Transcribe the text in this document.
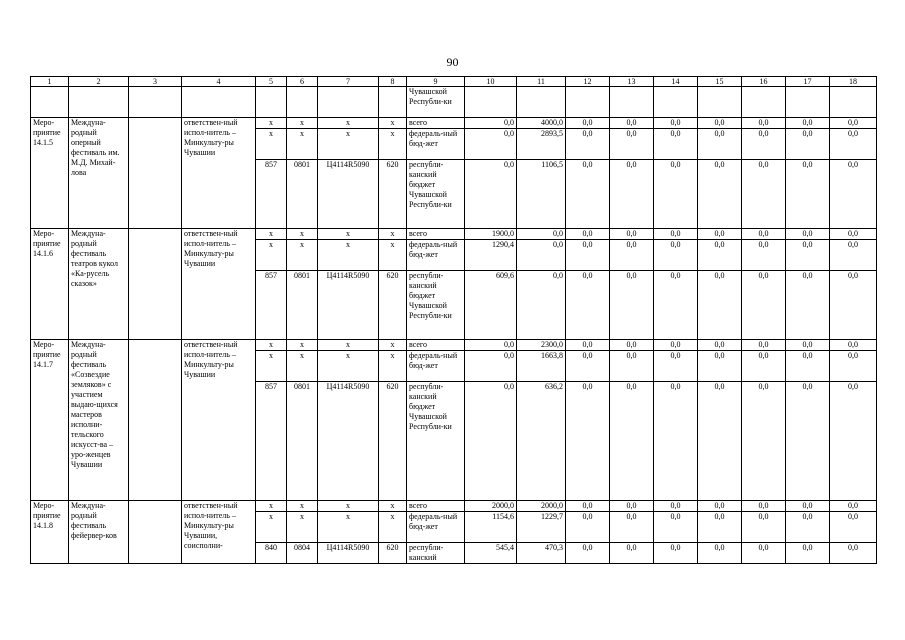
90
1	2	3	4	5	6	7	8	9	10	11	12	13	14	15	16	17	18
								Чувашской Республи-ки									
Меро-приятие 14.1.5	Междуна-родный оперный фестиваль им. М.Д. Михай-лова		ответствен-ный испол-нитель – Минкульту-ры Чувашии	x	x	x	x	всего	0,0	4000,0	0,0	0,0	0,0	0,0	0,0	0,0	0,0
				x	x	x	x	федераль-ный бюд-жет	0,0	2893,5	0,0	0,0	0,0	0,0	0,0	0,0	0,0
				857	0801	Ц4114R5090	620	республи-канский бюджет Чувашской Республи-ки	0,0	1106,5	0,0	0,0	0,0	0,0	0,0	0,0	0,0
Меро-приятие 14.1.6	Междуна-родный фестиваль театров кукол «Ка-русель сказок»		ответствен-ный испол-нитель – Минкульту-ры Чувашии	x	x	x	x	всего	1900,0	0,0	0,0	0,0	0,0	0,0	0,0	0,0	0,0
				x	x	x	x	федераль-ный бюд-жет	1290,4	0,0	0,0	0,0	0,0	0,0	0,0	0,0	0,0
				857	0801	Ц4114R5090	620	республи-канский бюджет Чувашской Республи-ки	609,6	0,0	0,0	0,0	0,0	0,0	0,0	0,0	0,0
Меро-приятие 14.1.7	Междуна-родный фестиваль «Созвездие земляков» с участием выдаю-щихся мастеров исполни-тельского искусст-ва – уро-женцев Чувашии		ответствен-ный испол-нитель – Минкульту-ры Чувашии	x	x	x	x	всего	0,0	2300,0	0,0	0,0	0,0	0,0	0,0	0,0	0,0
				x	x	x	x	федераль-ный бюд-жет	0,0	1663,8	0,0	0,0	0,0	0,0	0,0	0,0	0,0
				857	0801	Ц4114R5090	620	республи-канский бюджет Чувашской Республи-ки	0,0	636,2	0,0	0,0	0,0	0,0	0,0	0,0	0,0
Меро-приятие 14.1.8	Междуна-родный фестиваль фейервер-ков		ответствен-ный испол-нитель – Минкульту-ры Чувашии, соисполни-	x	x	x	x	всего	2000,0	2000,0	0,0	0,0	0,0	0,0	0,0	0,0	0,0
				x	x	x	x	федераль-ный бюд-жет	1154,6	1229,7	0,0	0,0	0,0	0,0	0,0	0,0	0,0
				840	0804	Ц4114R5090	620	республи-канский	545,4	470,3	0,0	0,0	0,0	0,0	0,0	0,0	0,0
